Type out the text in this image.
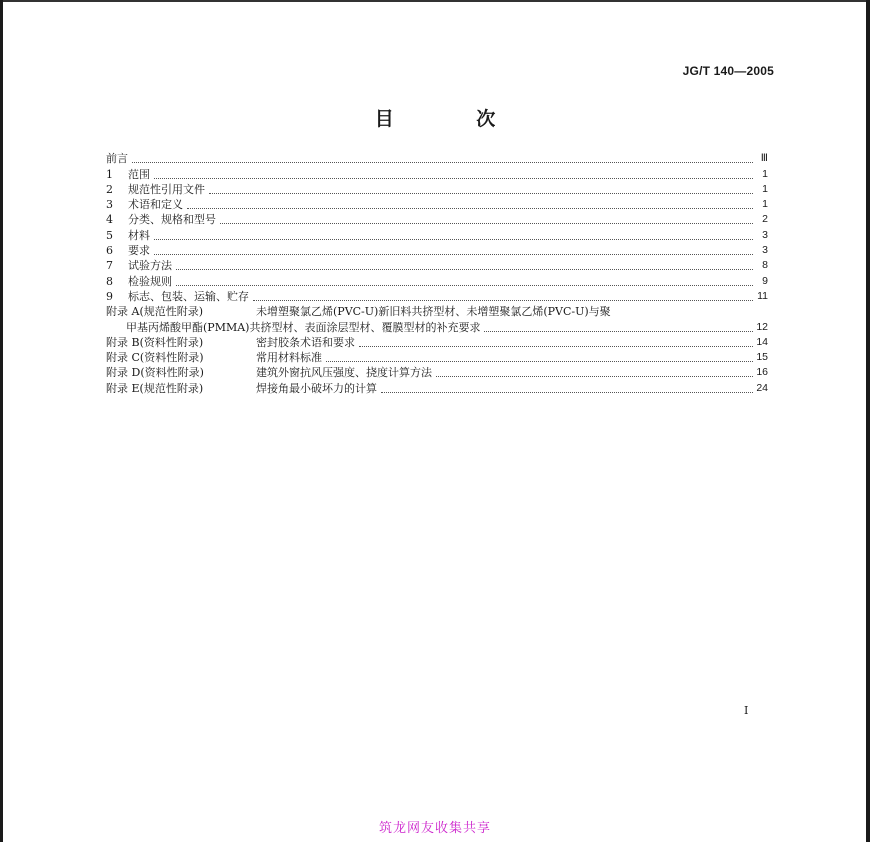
JG/T 140—2005
目 次
前言	Ⅲ
1	范围	1
2	规范性引用文件	1
3	术语和定义	1
4	分类、规格和型号	2
5	材料	3
6	要求	3
7	试验方法	8
8	检验规则	9
9	标志、包装、运输、贮存	11
附录 A(规范性附录)	未增塑聚氯乙烯(PVC-U)新旧料共挤型材、未增塑聚氯乙烯(PVC-U)与聚
甲基丙烯酸甲酯(PMMA)共挤型材、表面涂层型材、覆膜型材的补充要求	12
附录 B(资料性附录)	密封胶条术语和要求	14
附录 C(资料性附录)	常用材料标准	15
附录 D(资料性附录)	建筑外窗抗风压强度、挠度计算方法	16
附录 E(规范性附录)	焊接角最小破坏力的计算	24
I
筑龙网友收集共享
